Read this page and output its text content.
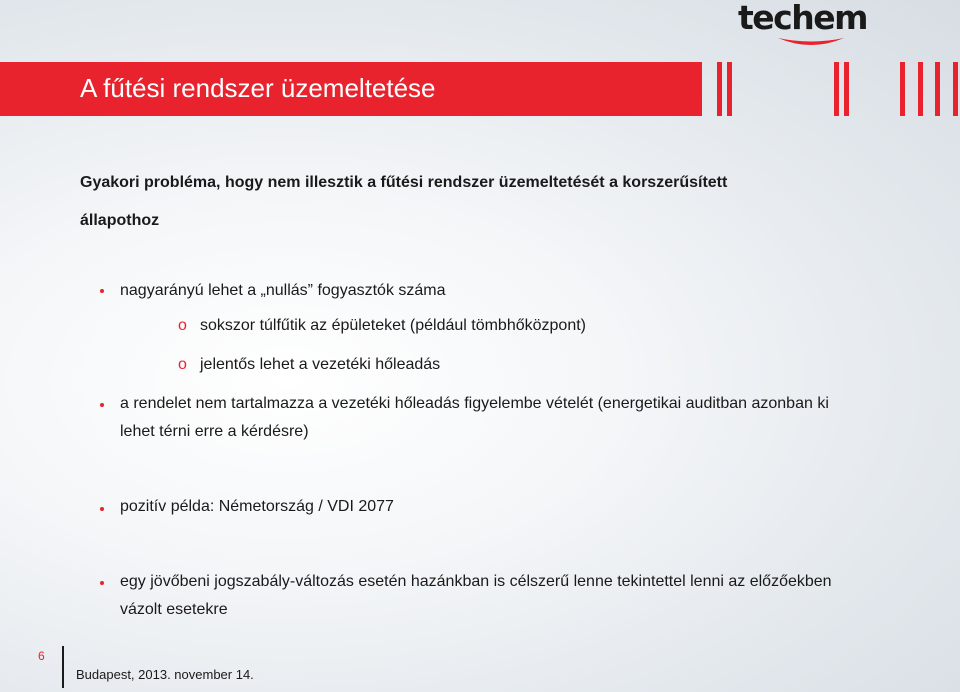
techem
A fűtési rendszer üzemeltetése

Gyakori probléma, hogy nem illesztik a fűtési rendszer üzemeltetését a korszerűsített állapothoz

nagyarányú lehet a „nullás” fogyasztók száma

o sokszor túlfűtik az épületeket (például tömbhőközpont)

o jelentős lehet a vezetéki hőleadás

a rendelet nem tartalmazza a vezetéki hőleadás figyelembe vételét (energetikai auditban azonban ki lehet térni erre a kérdésre)

pozitív példa: Németország / VDI 2077

egy jövőbeni jogszabály-változás esetén hazánkban is célszerű lenne tekintettel lenni az előzőekben vázolt esetekre

6
Budapest, 2013. november 14.
